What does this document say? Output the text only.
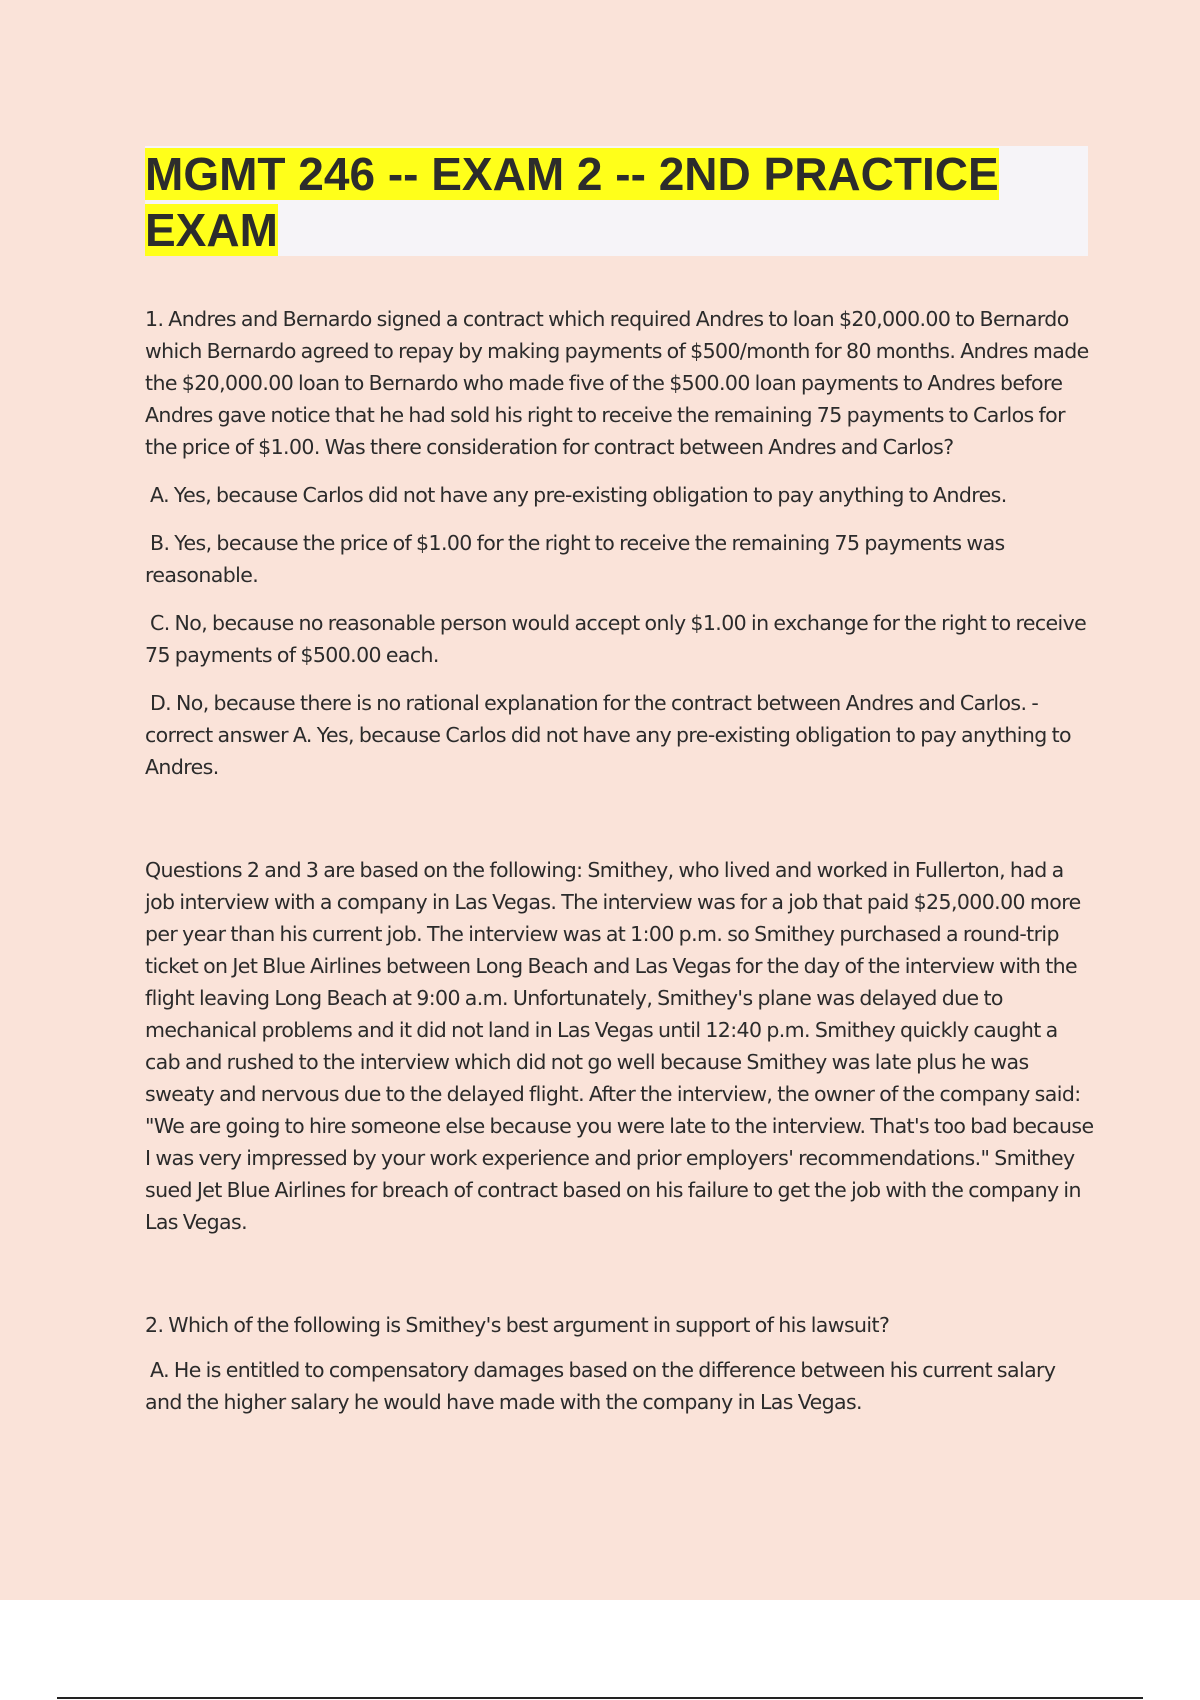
MGMT 246 -- EXAM 2 -- 2ND PRACTICE EXAM

1. Andres and Bernardo signed a contract which required Andres to loan $20,000.00 to Bernardo which Bernardo agreed to repay by making payments of $500/month for 80 months. Andres made the $20,000.00 loan to Bernardo who made five of the $500.00 loan payments to Andres before Andres gave notice that he had sold his right to receive the remaining 75 payments to Carlos for the price of $1.00. Was there consideration for contract between Andres and Carlos?

A. Yes, because Carlos did not have any pre-existing obligation to pay anything to Andres.

B. Yes, because the price of $1.00 for the right to receive the remaining 75 payments was reasonable.

C. No, because no reasonable person would accept only $1.00 in exchange for the right to receive 75 payments of $500.00 each.

D. No, because there is no rational explanation for the contract between Andres and Carlos. - correct answer A. Yes, because Carlos did not have any pre-existing obligation to pay anything to Andres.

Questions 2 and 3 are based on the following: Smithey, who lived and worked in Fullerton, had a job interview with a company in Las Vegas. The interview was for a job that paid $25,000.00 more per year than his current job. The interview was at 1:00 p.m. so Smithey purchased a round-trip ticket on Jet Blue Airlines between Long Beach and Las Vegas for the day of the interview with the flight leaving Long Beach at 9:00 a.m. Unfortunately, Smithey's plane was delayed due to mechanical problems and it did not land in Las Vegas until 12:40 p.m. Smithey quickly caught a cab and rushed to the interview which did not go well because Smithey was late plus he was sweaty and nervous due to the delayed flight. After the interview, the owner of the company said: "We are going to hire someone else because you were late to the interview. That's too bad because I was very impressed by your work experience and prior employers' recommendations." Smithey sued Jet Blue Airlines for breach of contract based on his failure to get the job with the company in Las Vegas.

2. Which of the following is Smithey's best argument in support of his lawsuit?

A. He is entitled to compensatory damages based on the difference between his current salary and the higher salary he would have made with the company in Las Vegas.
